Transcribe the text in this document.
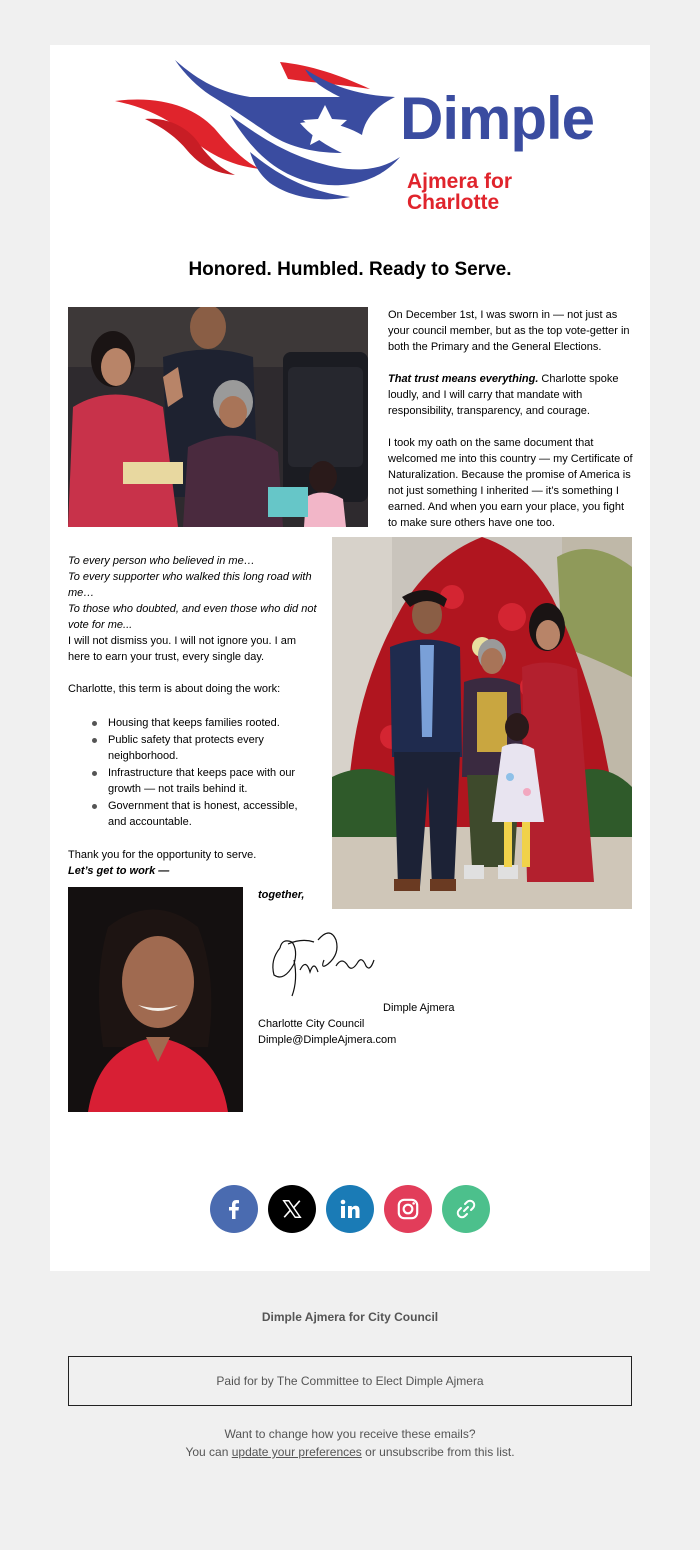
Dimple
Ajmera for Charlotte
Honored. Humbled. Ready to Serve.

On December 1st, I was sworn in — not just as your council member, but as the top vote-getter in both the Primary and the General Elections.

That trust means everything. Charlotte spoke loudly, and I will carry that mandate with responsibility, transparency, and courage.

I took my oath on the same document that welcomed me into this country — my Certificate of Naturalization. Because the promise of America is not just something I inherited — it’s something I earned. And when you earn your place, you fight to make sure others have one too.

To every person who believed in me…

To every supporter who walked this long road with me…

To those who doubted, and even those who did not vote for me...

I will not dismiss you. I will not ignore you. I am here to earn your trust, every single day.

Charlotte, this term is about doing the work:

Housing that keeps families rooted.
Public safety that protects every neighborhood.
Infrastructure that keeps pace with our growth — not trails behind it.
Government that is honest, accessible, and accountable.

Thank you for the opportunity to serve.

Let’s get to work —

together,
Dimple Ajmera
Charlotte City Council
Dimple@DimpleAjmera.com
Dimple Ajmera for City Council
Paid for by The Committee to Elect Dimple Ajmera
Want to change how you receive these emails?
You can update your preferences or unsubscribe from this list.
